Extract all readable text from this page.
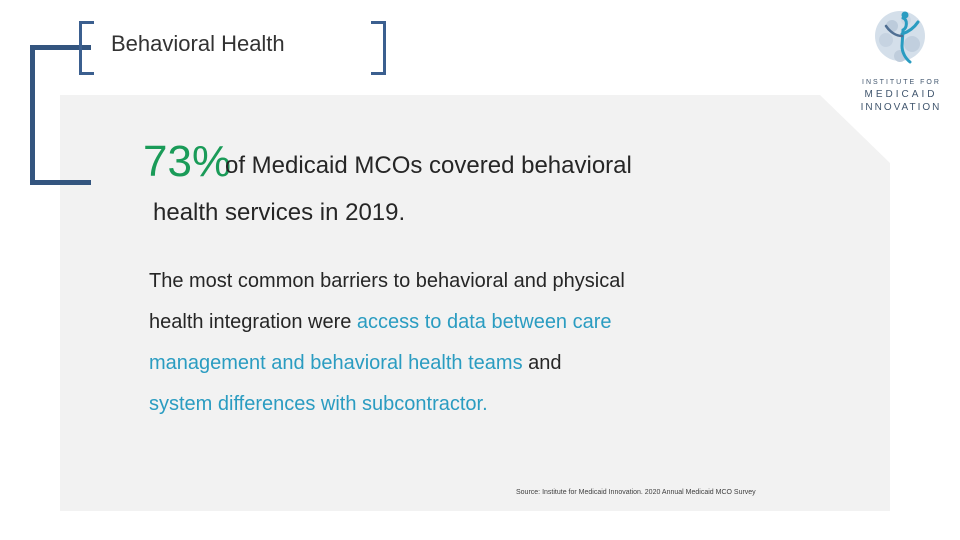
Behavioral Health
INSTITUTE FOR
MEDICAID
INNOVATION
73%
of Medicaid MCOs covered behavioral
health services in 2019.
The most common barriers to behavioral and physical
health integration were access to data between care
management and behavioral health teams and
system differences with subcontractor.
Source: Institute for Medicaid Innovation. 2020 Annual Medicaid MCO Survey
